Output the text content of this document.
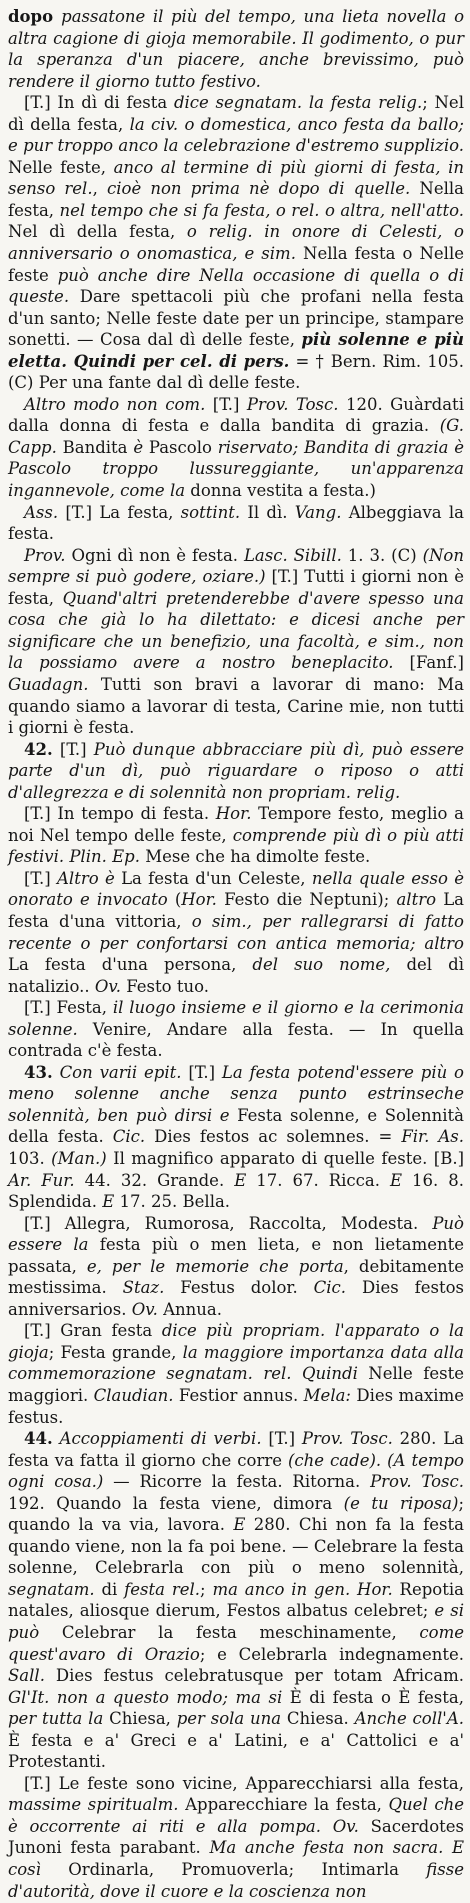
dopo passatone il più del tempo, una lieta novella o altra cagione di gioja memorabile. Il godimento, o pur la speranza d'un piacere, anche brevissimo, può rendere il giorno tutto festivo.

[T.] In dì di festa dice segnatam. la festa relig.; Nel dì della festa, la civ. o domestica, anco festa da ballo; e pur troppo anco la celebrazione d'estremo supplizio. Nelle feste, anco al termine di più giorni di festa, in senso rel., cioè non prima nè dopo di quelle. Nella festa, nel tempo che si fa festa, o rel. o altra, nell'atto. Nel dì della festa, o relig. in onore di Celesti, o anniversario o onomastica, e sim. Nella festa o Nelle feste può anche dire Nella occasione di quella o di queste. Dare spettacoli più che profani nella festa d'un santo; Nelle feste date per un principe, stampare sonetti. — Cosa dal dì delle feste, più solenne e più eletta. Quindi per cel. di pers. = † Bern. Rim. 105. (C) Per una fante dal dì delle feste.

Altro modo non com. [T.] Prov. Tosc. 120. Guàrdati dalla donna di festa e dalla bandita di grazia. (G. Capp. Bandita è Pascolo riservato; Bandita di grazia è Pascolo troppo lussureggiante, un'apparenza ingannevole, come la donna vestita a festa.)

Ass. [T.] La festa, sottint. Il dì. Vang. Albeggiava la festa.

Prov. Ogni dì non è festa. Lasc. Sibill. 1. 3. (C) (Non sempre si può godere, oziare.) [T.] Tutti i giorni non è festa, Quand'altri pretenderebbe d'avere spesso una cosa che già lo ha dilettato: e dicesi anche per significare che un benefizio, una facoltà, e sim., non la possiamo avere a nostro beneplacito. [Fanf.] Guadagn. Tutti son bravi a lavorar di mano: Ma quando siamo a lavorar di testa, Carine mie, non tutti i giorni è festa.

42. [T.] Può dunque abbracciare più dì, può essere parte d'un dì, può riguardare o riposo o atti d'allegrezza e di solennità non propriam. relig.

[T.] In tempo di festa. Hor. Tempore festo, meglio a noi Nel tempo delle feste, comprende più dì o più atti festivi. Plin. Ep. Mese che ha dimolte feste.

[T.] Altro è La festa d'un Celeste, nella quale esso è onorato e invocato (Hor. Festo die Neptuni); altro La festa d'una vittoria, o sim., per rallegrarsi di fatto recente o per confortarsi con antica memoria; altro La festa d'una persona, del suo nome, del dì natalizio.. Ov. Festo tuo.

[T.] Festa, il luogo insieme e il giorno e la cerimonia solenne. Venire, Andare alla festa. — In quella contrada c'è festa.

43. Con varii epit. [T.] La festa potend'essere più o meno solenne anche senza punto estrinseche solennità, ben può dirsi e Festa solenne, e Solennità della festa. Cic. Dies festos ac solemnes. = Fir. As. 103. (Man.) Il magnifico apparato di quelle feste. [B.] Ar. Fur. 44. 32. Grande. E 17. 67. Ricca. E 16. 8. Splendida. E 17. 25. Bella.

[T.] Allegra, Rumorosa, Raccolta, Modesta. Può essere la festa più o men lieta, e non lietamente passata, e, per le memorie che porta, debitamente mestissima. Staz. Festus dolor. Cic. Dies festos anniversarios. Ov. Annua.

[T.] Gran festa dice più propriam. l'apparato o la gioja; Festa grande, la maggiore importanza data alla commemorazione segnatam. rel. Quindi Nelle feste maggiori. Claudian. Festior annus. Mela: Dies maxime festus.

44. Accoppiamenti di verbi. [T.] Prov. Tosc. 280. La festa va fatta il giorno che corre (che cade). (A tempo ogni cosa.) — Ricorre la festa. Ritorna. Prov. Tosc. 192. Quando la festa viene, dimora (e tu riposa); quando la va via, lavora. E 280. Chi non fa la festa quando viene, non la fa poi bene. — Celebrare la festa solenne, Celebrarla con più o meno solennità, segnatam. di festa rel.; ma anco in gen. Hor. Repotia natales, aliosque dierum, Festos albatus celebret; e si può Celebrar la festa meschinamente, come quest'avaro di Orazio; e Celebrarla indegnamente. Sall. Dies festus celebratusque per totam Africam. Gl'It. non a questo modo; ma si È di festa o È festa, per tutta la Chiesa, per sola una Chiesa. Anche coll'A. È festa e a' Greci e a' Latini, e a' Cattolici e a' Protestanti.

[T.] Le feste sono vicine, Apparecchiarsi alla festa, massime spiritualm. Apparecchiare la festa, Quel che è occorrente ai riti e alla pompa. Ov. Sacerdotes Junoni festa parabant. Ma anche festa non sacra. E così Ordinarla, Promuoverla; Intimarla fisse d'autorità, dove il cuore e la coscienza non
